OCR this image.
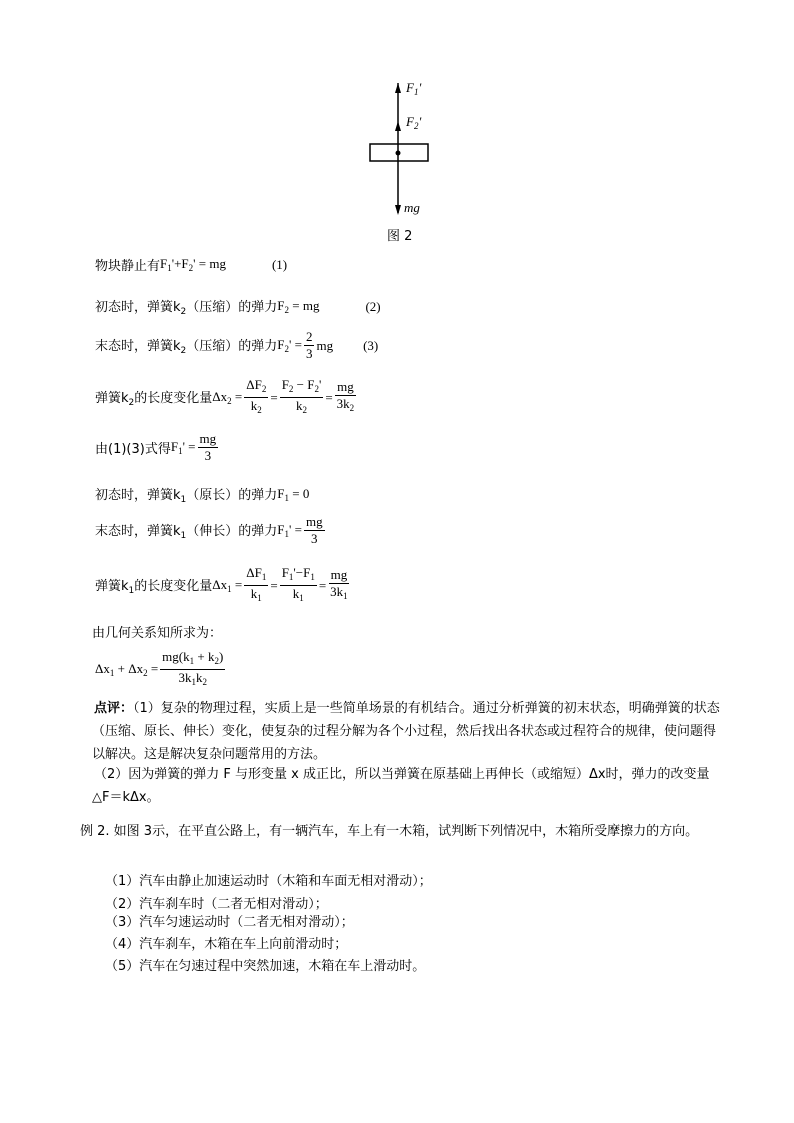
$F_1'$
$F_2'$
mg
图 2
物块静止有 $F_1'+F_2'$ = mg	(1)
初态时，弹簧$k_2$（压缩）的弹力 $F_2$ = mg	(2)
末态时，弹簧$k_2$（压缩）的弹力 $F_2' = \frac{2}{3}$ mg (3)
弹簧$k_2$的长度变化量 $\Delta x_2 = \frac{\Delta F_2}{k_2} = \frac{F_2 - F_2'}{k_2} = \frac{mg}{3k_2}$
由(1)(3)式得 $F_1' = \frac{mg}{3}$
初态时，弹簧$k_1$（原长）的弹力 $F_1 = 0$
末态时，弹簧$k_1$（伸长）的弹力 $F_1' = \frac{mg}{3}$
弹簧$k_1$的长度变化量 $\Delta x_1 = \frac{\Delta F_1}{k_1} = \frac{F_1'-F_1}{k_1} = \frac{mg}{3k_1}$
由几何关系知所求为：
$\Delta x_1 + \Delta x_2 = \frac{mg(k_1 + k_2)}{3k_1k_2}$
点评：（1）复杂的物理过程，实质上是一些简单场景的有机结合。通过分析弹簧的初末状态，明确弹簧的状态（压缩、原长、伸长）变化，使复杂的过程分解为各个小过程，然后找出各状态或过程符合的规律，使问题得以解决。这是解决复杂问题常用的方法。
（2）因为弹簧的弹力 F 与形变量 x 成正比，所以当弹簧在原基础上再伸长（或缩短）Δx时，弹力的改变量△F＝kΔx。
例 2. 如图 3示，在平直公路上，有一辆汽车，车上有一木箱，试判断下列情况中，木箱所受摩擦力的方向。
（1）汽车由静止加速运动时（木箱和车面无相对滑动）；
（2）汽车刹车时（二者无相对滑动）；
（3）汽车匀速运动时（二者无相对滑动）；
（4）汽车刹车，木箱在车上向前滑动时；
（5）汽车在匀速过程中突然加速，木箱在车上滑动时。
